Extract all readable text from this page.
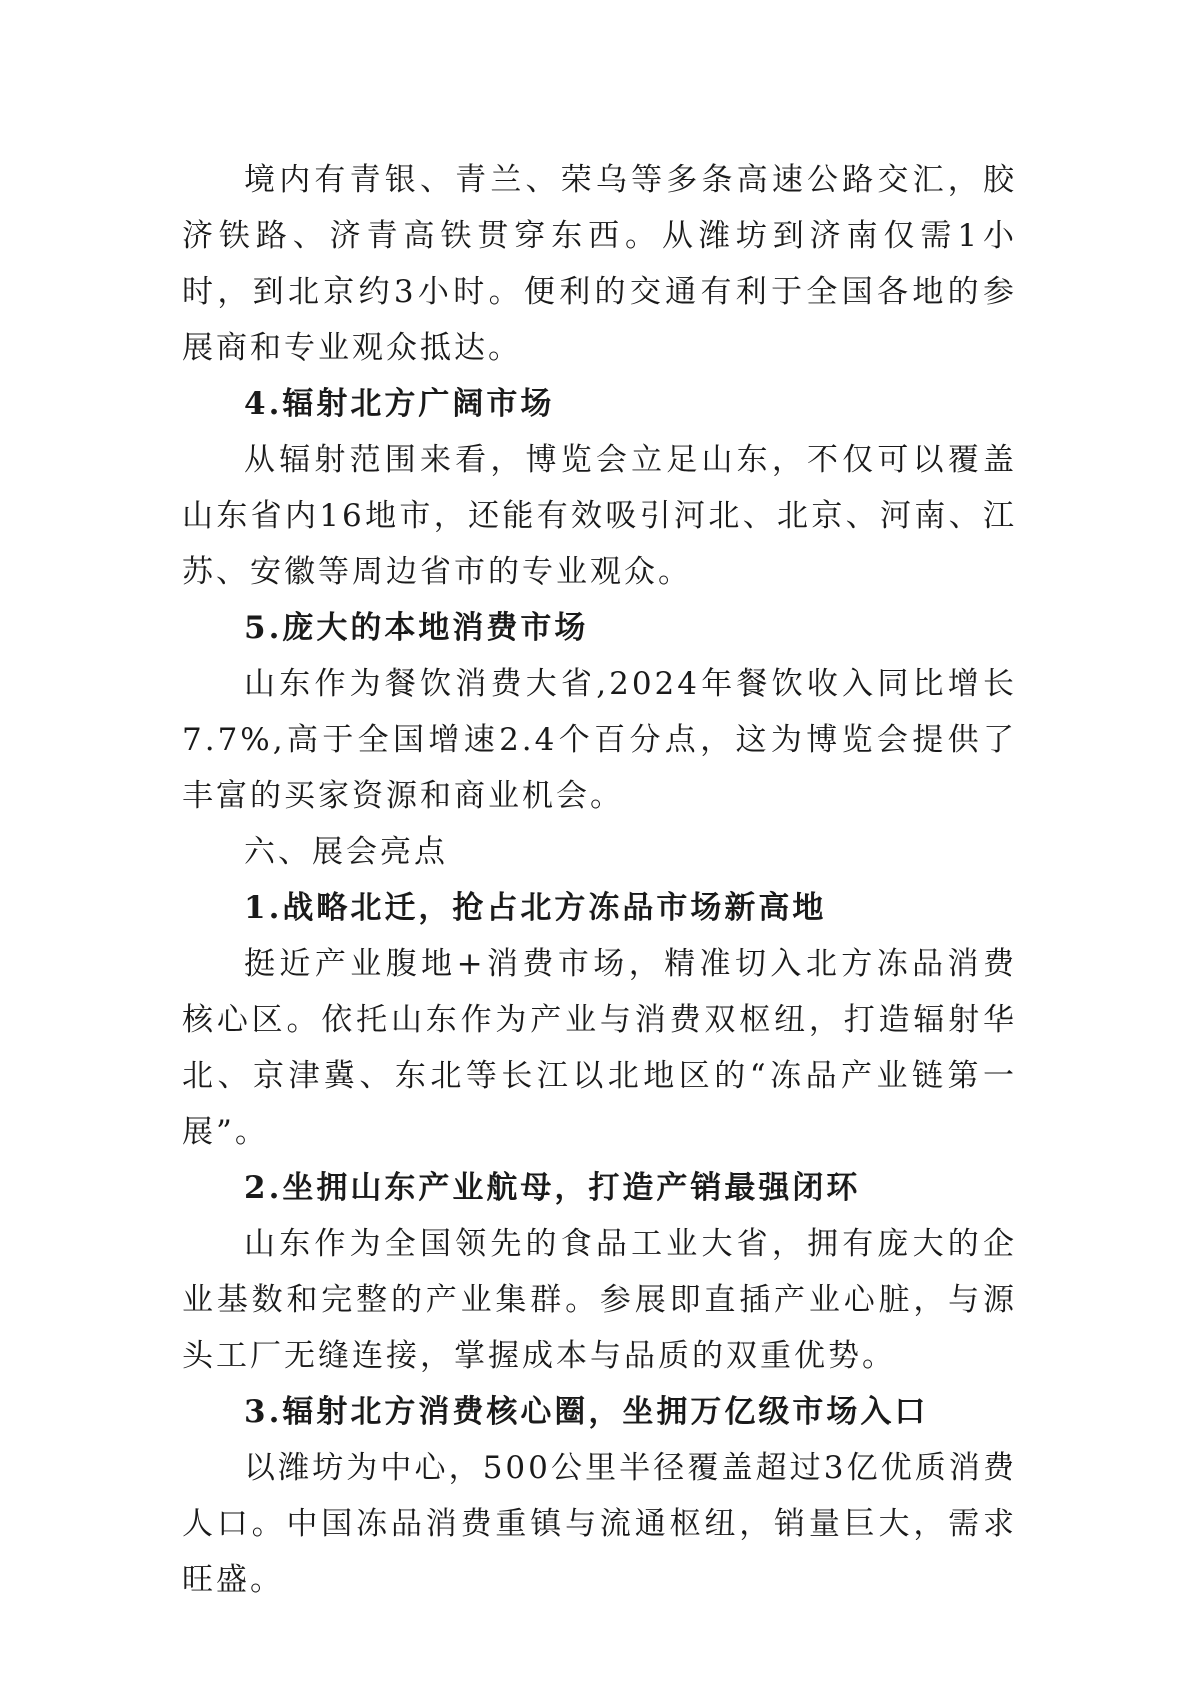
境内有青银、青兰、荣乌等多条高速公路交汇，胶济铁路、济青高铁贯穿东西。从潍坊到济南仅需1小时，到北京约3小时。便利的交通有利于全国各地的参展商和专业观众抵达。

4.辐射北方广阔市场

从辐射范围来看，博览会立足山东，不仅可以覆盖山东省内16地市，还能有效吸引河北、北京、河南、江苏、安徽等周边省市的专业观众。

5.庞大的本地消费市场

山东作为餐饮消费大省,2024年餐饮收入同比增长7.7%,高于全国增速2.4个百分点，这为博览会提供了丰富的买家资源和商业机会。

六、展会亮点

1.战略北迁，抢占北方冻品市场新高地

挺近产业腹地+消费市场，精准切入北方冻品消费核心区。依托山东作为产业与消费双枢纽，打造辐射华北、京津冀、东北等长江以北地区的“冻品产业链第一展”。

2.坐拥山东产业航母，打造产销最强闭环

山东作为全国领先的食品工业大省，拥有庞大的企业基数和完整的产业集群。参展即直插产业心脏，与源头工厂无缝连接，掌握成本与品质的双重优势。

3.辐射北方消费核心圈，坐拥万亿级市场入口

以潍坊为中心，500公里半径覆盖超过3亿优质消费人口。中国冻品消费重镇与流通枢纽，销量巨大，需求旺盛。
